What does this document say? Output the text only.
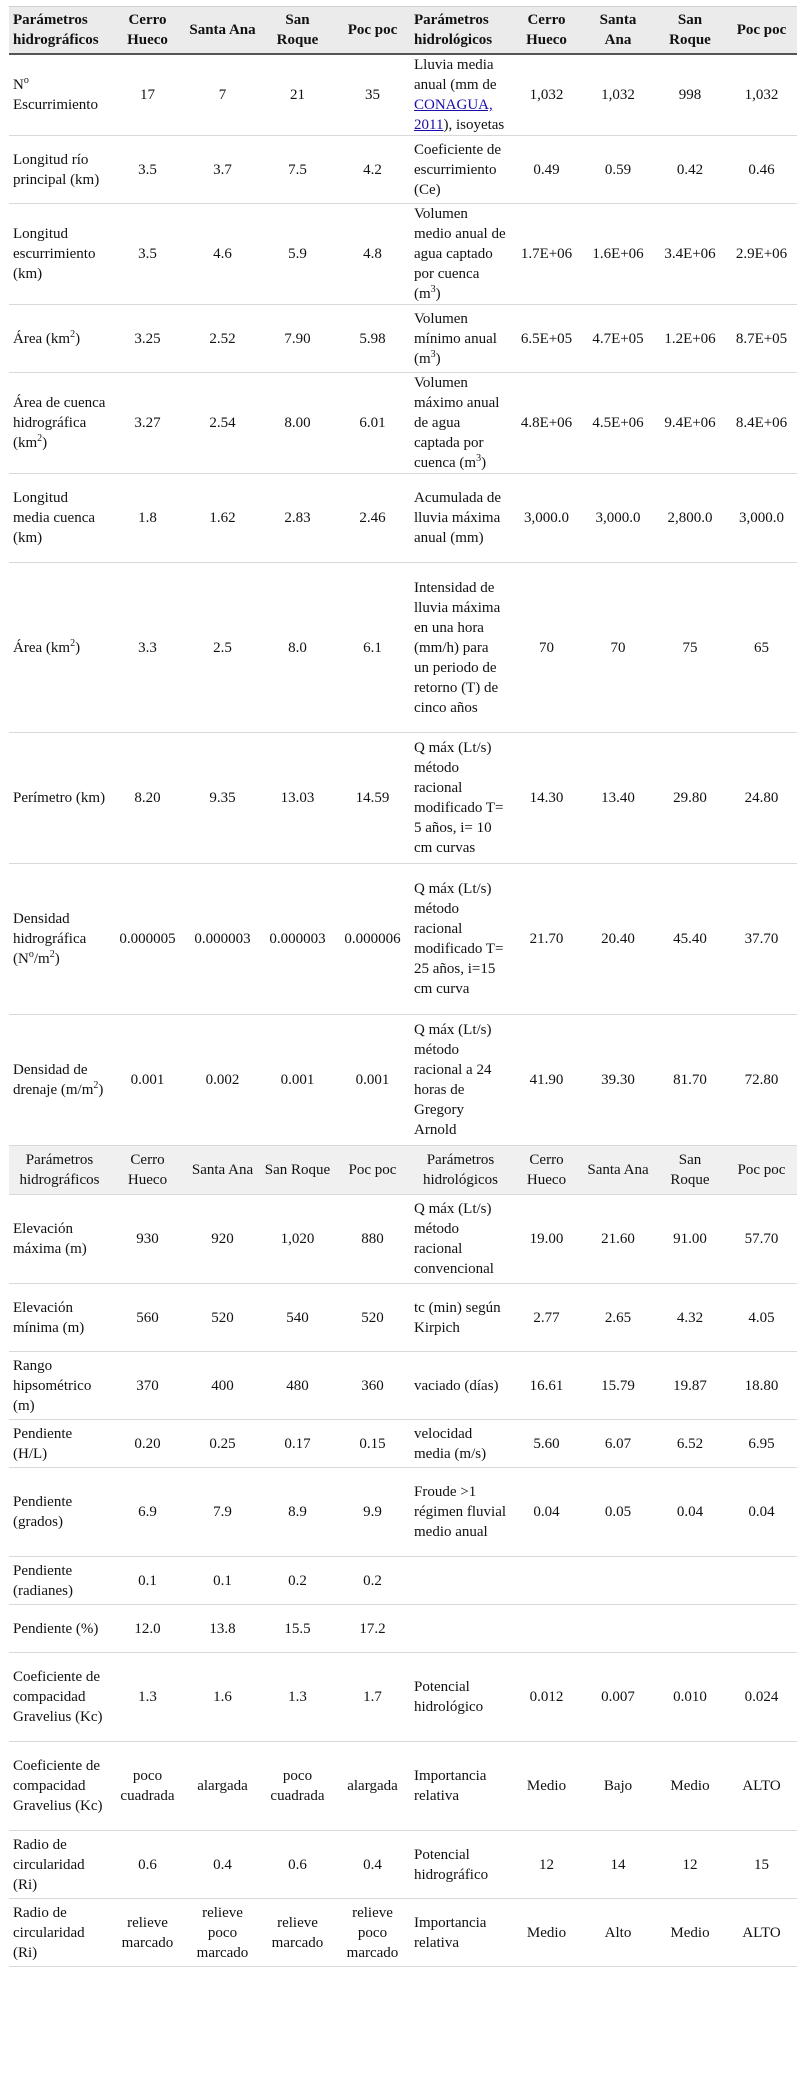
Parámetros hidrográficos	Cerro Hueco	Santa Ana	San Roque	Poc poc	Parámetros hidrológicos	Cerro Hueco	Santa Ana	San Roque	Poc poc
$N^o$ Escurrimiento	17	7	21	35	Lluvia media anual (mm de CONAGUA, 2011), isoyetas	1,032	1,032	998	1,032
Longitud río principal (km)	3.5	3.7	7.5	4.2	Coeficiente de escurrimiento (Ce)	0.49	0.59	0.42	0.46
Longitud escurrimiento (km)	3.5	4.6	5.9	4.8	Volumen medio anual de agua captado por cuenca $(m^3)$	1.7E+06	1.6E+06	3.4E+06	2.9E+06
Área $(km^2)$	3.25	2.52	7.90	5.98	Volumen mínimo anual $(m^3)$	6.5E+05	4.7E+05	1.2E+06	8.7E+05
Área de cuenca hidrográfica $(km^2)$	3.27	2.54	8.00	6.01	Volumen máximo anual de agua captada por cuenca $(m^3)$	4.8E+06	4.5E+06	9.4E+06	8.4E+06
Longitud media cuenca (km)	1.8	1.62	2.83	2.46	Acumulada de lluvia máxima anual (mm)	3,000.0	3,000.0	2,800.0	3,000.0
Área $(km^2)$	3.3	2.5	8.0	6.1	Intensidad de lluvia máxima en una hora (mm/h) para un periodo de retorno (T) de cinco años	70	70	75	65
Perímetro (km)	8.20	9.35	13.03	14.59	Q máx (Lt/s) método racional modificado T= 5 años, i= 10 cm curvas	14.30	13.40	29.80	24.80
Densidad hidrográfica $(N^o/m^2)$	0.000005	0.000003	0.000003	0.000006	Q máx (Lt/s) método racional modificado T= 25 años, i=15 cm curva	21.70	20.40	45.40	37.70
Densidad de drenaje $(m/m^2)$	0.001	0.002	0.001	0.001	Q máx (Lt/s) método racional a 24 horas de Gregory Arnold	41.90	39.30	81.70	72.80
Parámetros hidrográficos	Cerro Hueco	Santa Ana	San Roque	Poc poc	Parámetros hidrológicos	Cerro Hueco	Santa Ana	San Roque	Poc poc
Elevación máxima (m)	930	920	1,020	880	Q máx (Lt/s) método racional convencional	19.00	21.60	91.00	57.70
Elevación mínima (m)	560	520	540	520	tc (min) según Kirpich	2.77	2.65	4.32	4.05
Rango hipsométrico (m)	370	400	480	360	vaciado (días)	16.61	15.79	19.87	18.80
Pendiente (H/L)	0.20	0.25	0.17	0.15	velocidad media (m/s)	5.60	6.07	6.52	6.95
Pendiente (grados)	6.9	7.9	8.9	9.9	Froude >1 régimen fluvial medio anual	0.04	0.05	0.04	0.04
Pendiente (radianes)	0.1	0.1	0.2	0.2					
Pendiente (%)	12.0	13.8	15.5	17.2					
Coeficiente de compacidad Gravelius (Kc)	1.3	1.6	1.3	1.7	Potencial hidrológico	0.012	0.007	0.010	0.024
Coeficiente de compacidad Gravelius (Kc)	poco cuadrada	alargada	poco cuadrada	alargada	Importancia relativa	Medio	Bajo	Medio	ALTO
Radio de circularidad (Ri)	0.6	0.4	0.6	0.4	Potencial hidrográfico	12	14	12	15
Radio de circularidad (Ri)	relieve marcado	relieve poco marcado	relieve marcado	relieve poco marcado	Importancia relativa	Medio	Alto	Medio	ALTO
